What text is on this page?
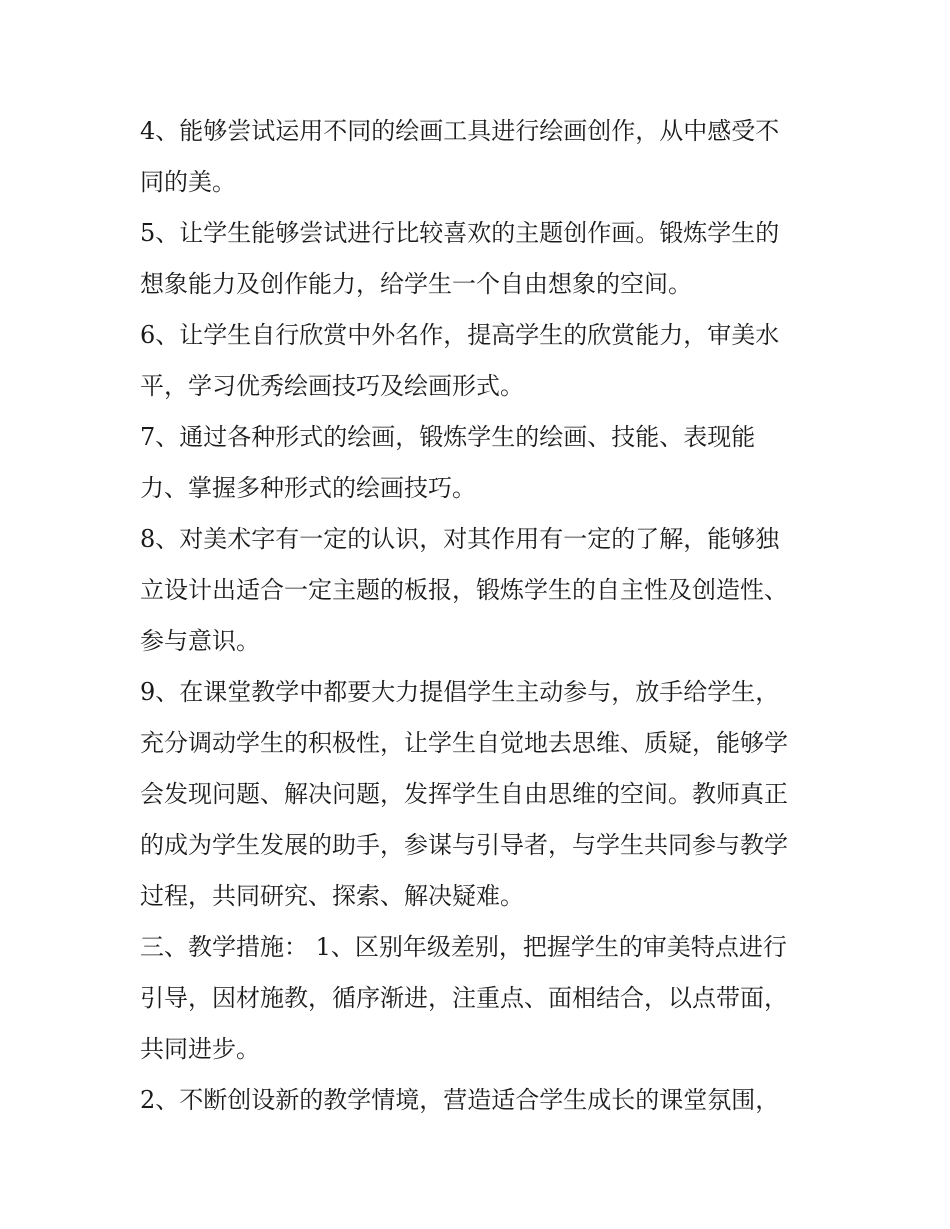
4、能够尝试运用不同的绘画工具进行绘画创作，从中感受不
同的美。
5、让学生能够尝试进行比较喜欢的主题创作画。锻炼学生的
想象能力及创作能力，给学生一个自由想象的空间。
6、让学生自行欣赏中外名作，提高学生的欣赏能力，审美水
平，学习优秀绘画技巧及绘画形式。
7、通过各种形式的绘画，锻炼学生的绘画、技能、表现能
力、掌握多种形式的绘画技巧。
8、对美术字有一定的认识，对其作用有一定的了解，能够独
立设计出适合一定主题的板报，锻炼学生的自主性及创造性、
参与意识。
9、在课堂教学中都要大力提倡学生主动参与，放手给学生，
充分调动学生的积极性，让学生自觉地去思维、质疑，能够学
会发现问题、解决问题，发挥学生自由思维的空间。教师真正
的成为学生发展的助手，参谋与引导者，与学生共同参与教学
过程，共同研究、探索、解决疑难。
三、教学措施： 1、区别年级差别，把握学生的审美特点进行
引导，因材施教，循序渐进，注重点、面相结合，以点带面，
共同进步。
2、不断创设新的教学情境，营造适合学生成长的课堂氛围，
